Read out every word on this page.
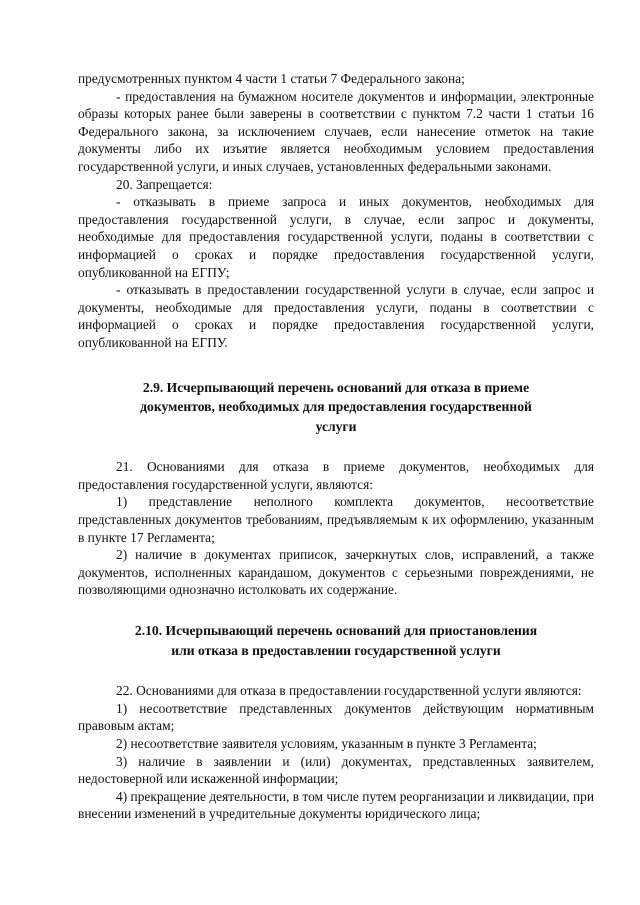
предусмотренных пунктом 4 части 1 статьи 7 Федерального закона;

- предоставления на бумажном носителе документов и информации, электронные образы которых ранее были заверены в соответствии с пунктом 7.2 части 1 статьи 16 Федерального закона, за исключением случаев, если нанесение отметок на такие документы либо их изъятие является необходимым условием предоставления государственной услуги, и иных случаев, установленных федеральными законами.

20. Запрещается:

- отказывать в приеме запроса и иных документов, необходимых для предоставления государственной услуги, в случае, если запрос и документы, необходимые для предоставления государственной услуги, поданы в соответствии с информацией о сроках и порядке предоставления государственной услуги, опубликованной на ЕГПУ;

- отказывать в предоставлении государственной услуги в случае, если запрос и документы, необходимые для предоставления услуги, поданы в соответствии с информацией о сроках и порядке предоставления государственной услуги, опубликованной на ЕГПУ.

2.9. Исчерпывающий перечень оснований для отказа в приеме
документов, необходимых для предоставления государственной
услуги

21. Основаниями для отказа в приеме документов, необходимых для предоставления государственной услуги, являются:

1) представление неполного комплекта документов, несоответствие представленных документов требованиям, предъявляемым к их оформлению, указанным в пункте 17 Регламента;

2) наличие в документах приписок, зачеркнутых слов, исправлений, а также документов, исполненных карандашом, документов с серьезными повреждениями, не позволяющими однозначно истолковать их содержание.

2.10. Исчерпывающий перечень оснований для приостановления
или отказа в предоставлении государственной услуги

22. Основаниями для отказа в предоставлении государственной услуги являются:

1) несоответствие представленных документов действующим нормативным правовым актам;

2) несоответствие заявителя условиям, указанным в пункте 3 Регламента;

3) наличие в заявлении и (или) документах, представленных заявителем, недостоверной или искаженной информации;

4) прекращение деятельности, в том числе путем реорганизации и ликвидации, при внесении изменений в учредительные документы юридического лица;
